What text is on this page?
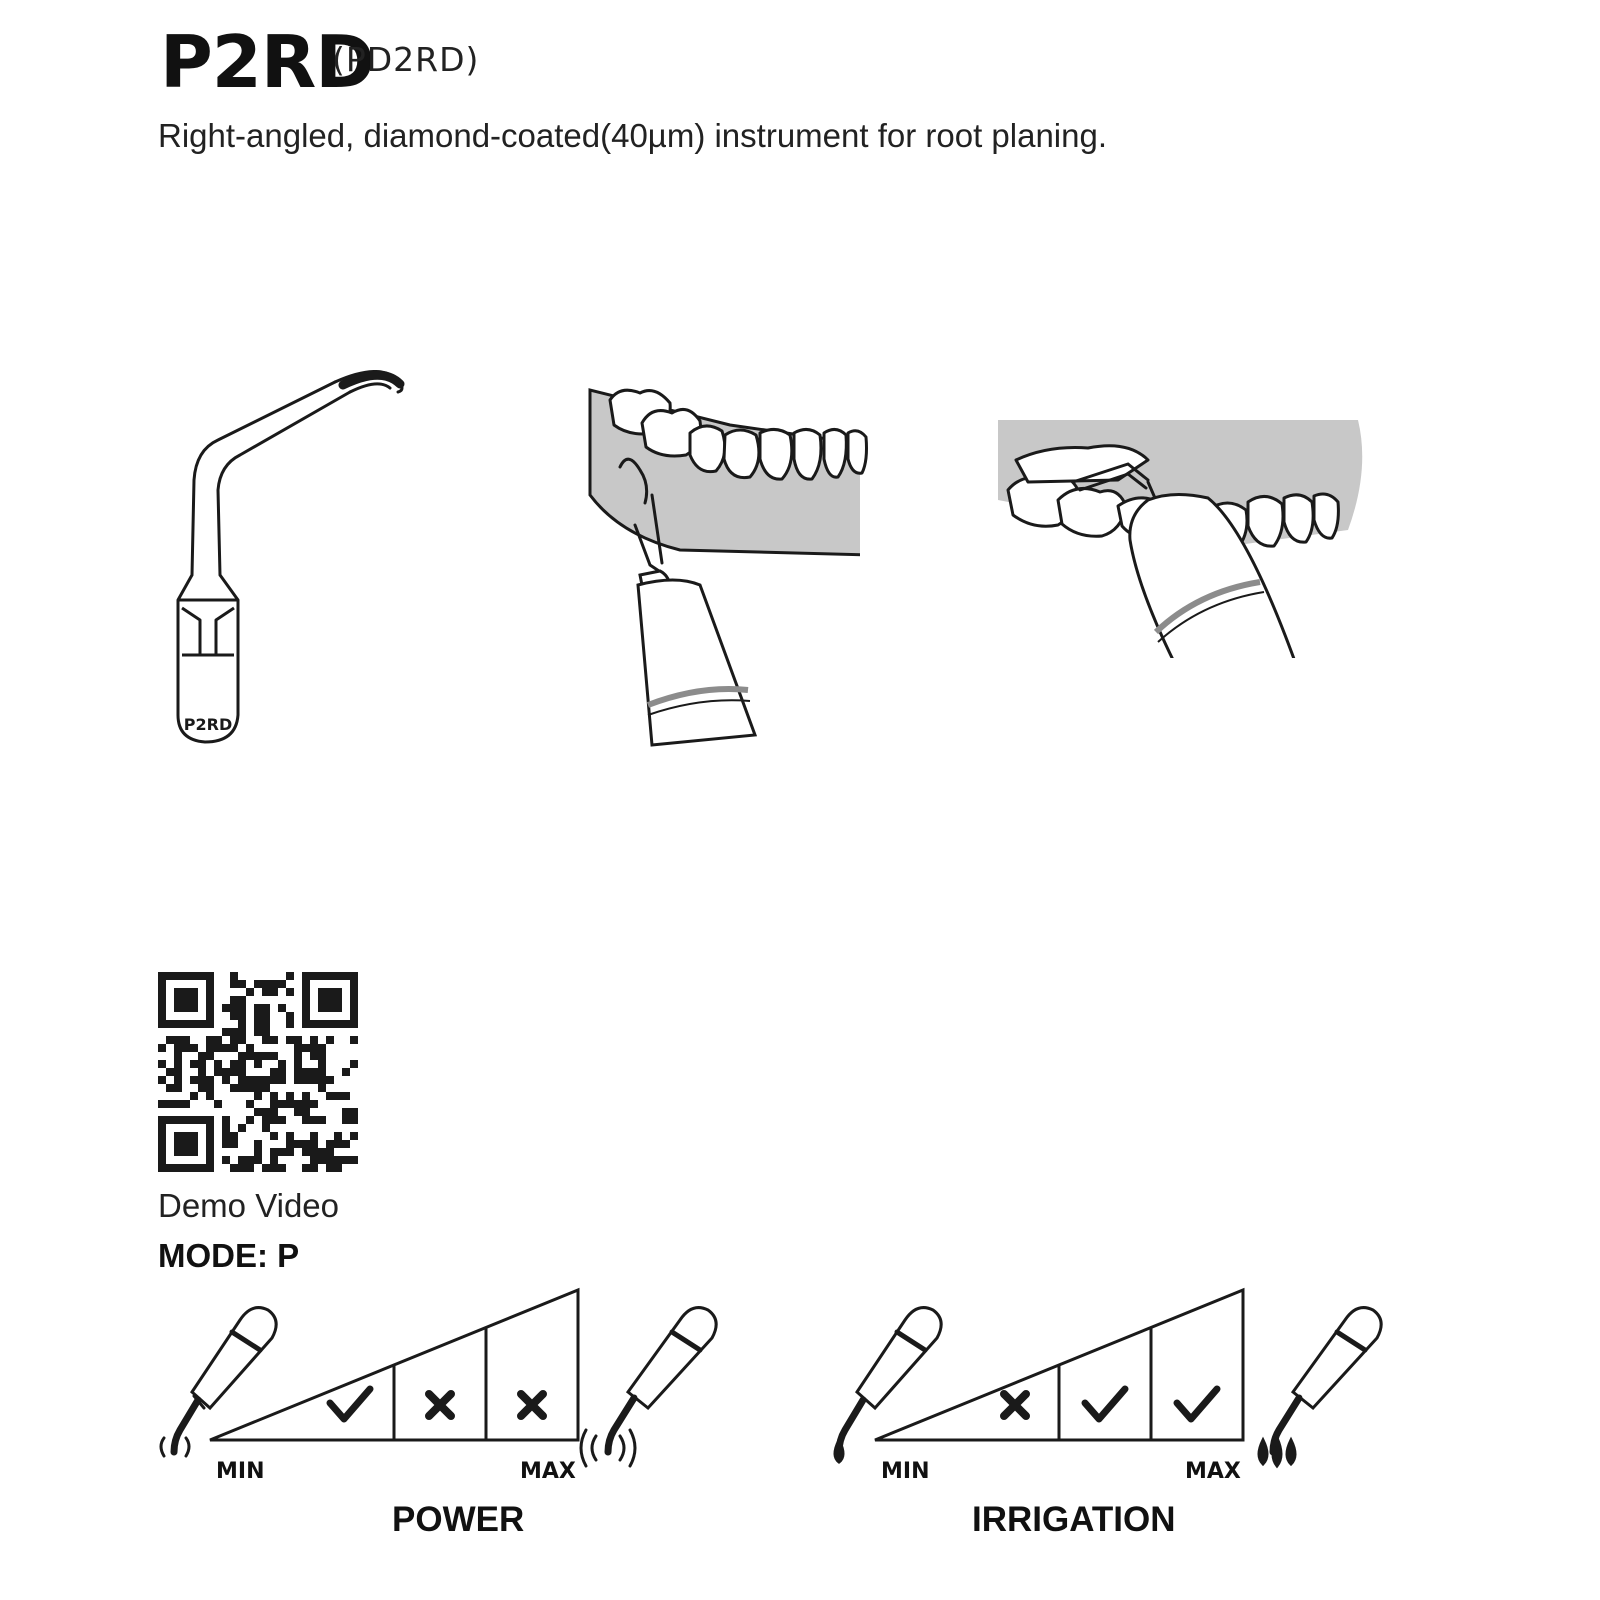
P2RD
(PD2RD)
Right-angled, diamond-coated(40µm) instrument for root planing.
P2RD
Demo Video
MODE: P
MIN	MAX
POWER
MIN	MAX
IRRIGATION
